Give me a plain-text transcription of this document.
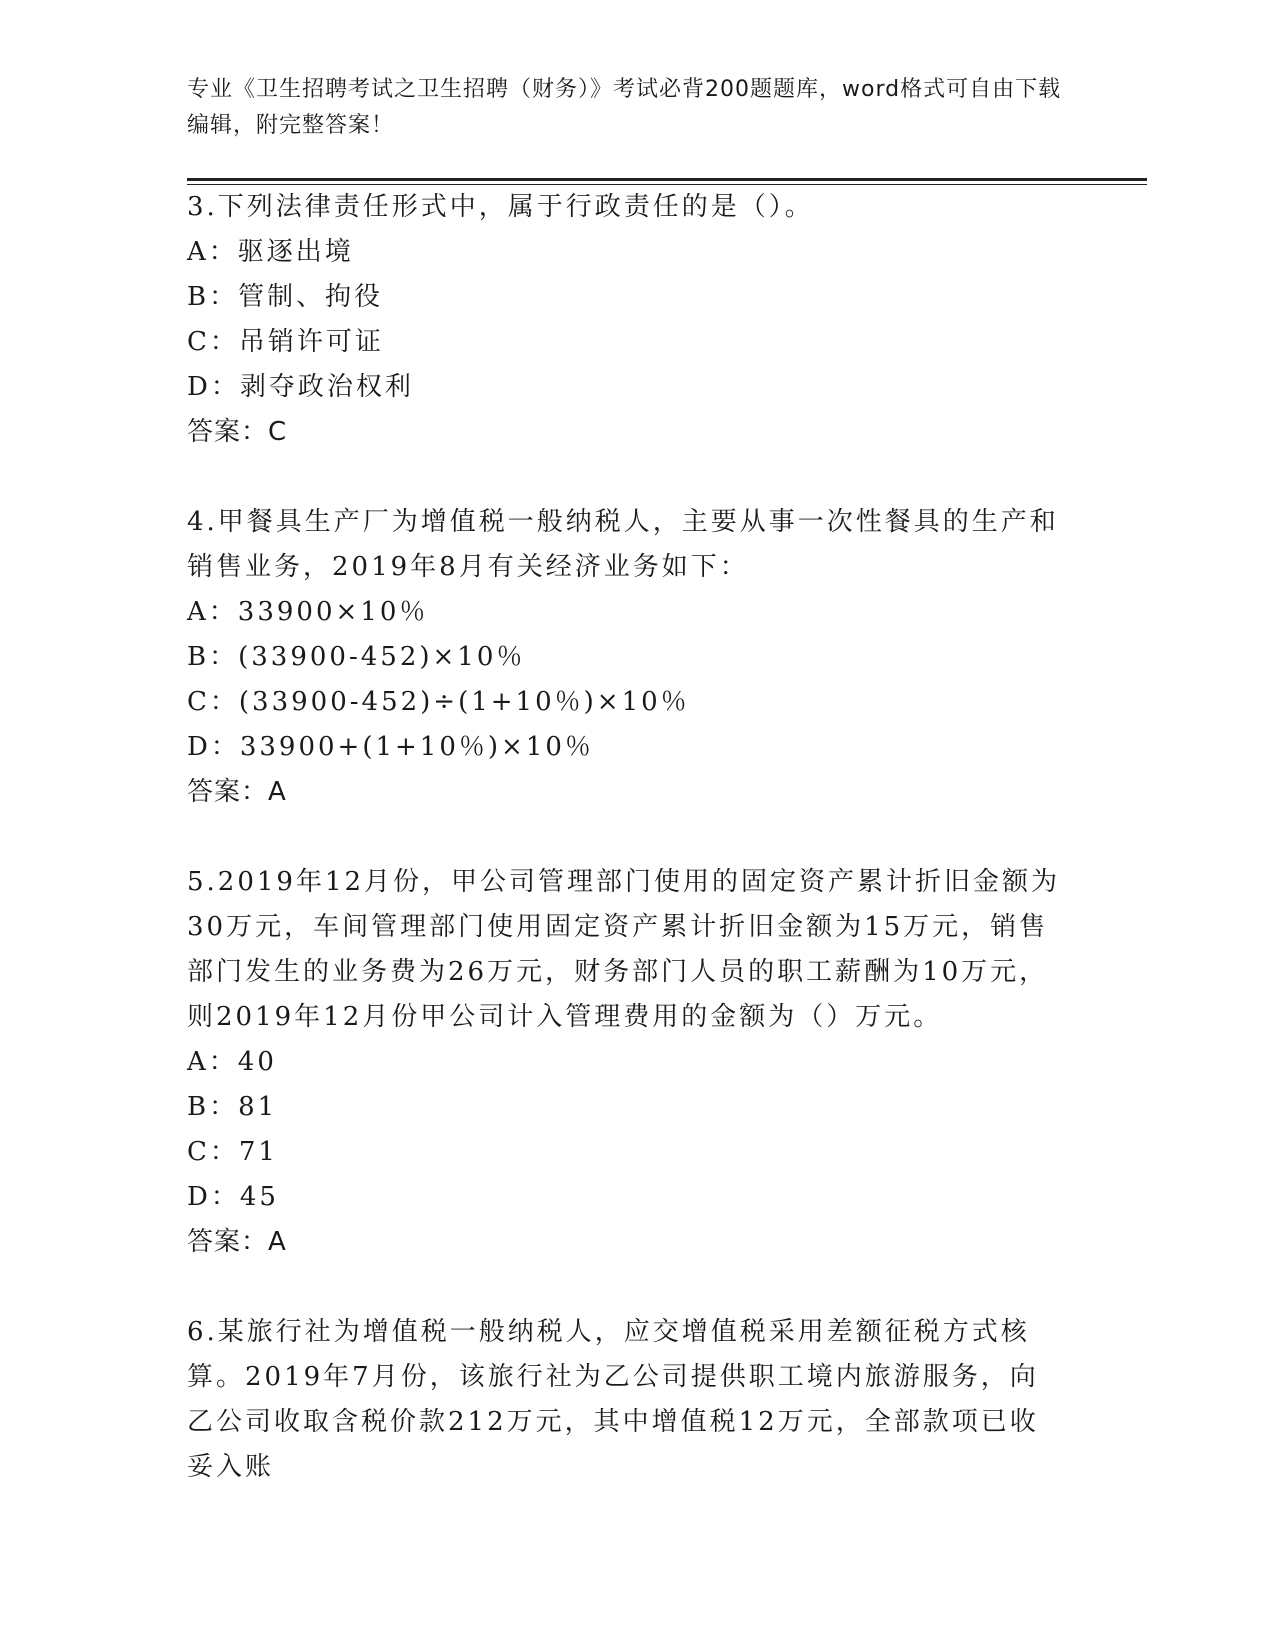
专业《卫生招聘考试之卫生招聘（财务）》考试必背200题题库，word格式可自由下载编辑，附完整答案！

3.下列法律责任形式中，属于行政责任的是（）。

A：驱逐出境

B：管制、拘役

C：吊销许可证

D：剥夺政治权利

答案：C

4.甲餐具生产厂为增值税一般纳税人，主要从事一次性餐具的生产和销售业务，2019年8月有关经济业务如下：

A：33900×10％

B：(33900-452)×10％

C：(33900-452)÷(1+10％)×10％

D：33900+(1+10％)×10％

答案：A

5.2019年12月份，甲公司管理部门使用的固定资产累计折旧金额为30万元，车间管理部门使用固定资产累计折旧金额为15万元，销售部门发生的业务费为26万元，财务部门人员的职工薪酬为10万元，则2019年12月份甲公司计入管理费用的金额为（）万元。

A：40

B：81

C：71

D：45

答案：A

6.某旅行社为增值税一般纳税人，应交增值税采用差额征税方式核算。2019年7月份，该旅行社为乙公司提供职工境内旅游服务，向乙公司收取含税价款212万元，其中增值税12万元，全部款项已收妥入账
